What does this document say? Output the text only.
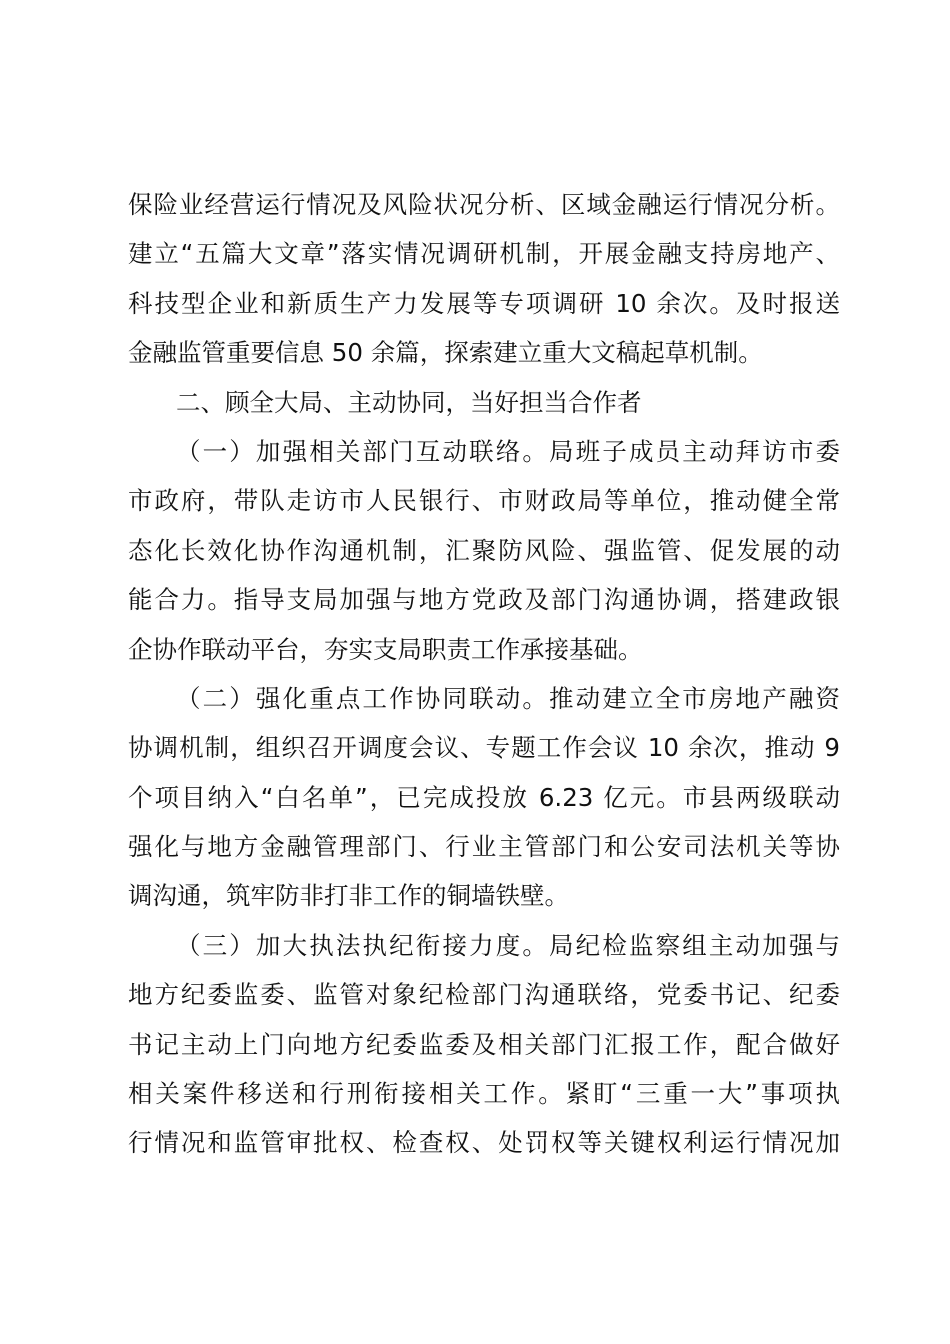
保险业经营运行情况及风险状况分析、区域金融运行情况分析。
建立“五篇大文章”落实情况调研机制，开展金融支持房地产、
科技型企业和新质生产力发展等专项调研 10 余次。及时报送
金融监管重要信息 50 余篇，探索建立重大文稿起草机制。
二、顾全大局、主动协同，当好担当合作者
（一）加强相关部门互动联络。局班子成员主动拜访市委
市政府，带队走访市人民银行、市财政局等单位，推动健全常
态化长效化协作沟通机制，汇聚防风险、强监管、促发展的动
能合力。指导支局加强与地方党政及部门沟通协调，搭建政银
企协作联动平台，夯实支局职责工作承接基础。
（二）强化重点工作协同联动。推动建立全市房地产融资
协调机制，组织召开调度会议、专题工作会议 10 余次，推动 9
个项目纳入“白名单”，已完成投放 6.23 亿元。市县两级联动
强化与地方金融管理部门、行业主管部门和公安司法机关等协
调沟通，筑牢防非打非工作的铜墙铁壁。
（三）加大执法执纪衔接力度。局纪检监察组主动加强与
地方纪委监委、监管对象纪检部门沟通联络，党委书记、纪委
书记主动上门向地方纪委监委及相关部门汇报工作，配合做好
相关案件移送和行刑衔接相关工作。紧盯“三重一大”事项执
行情况和监管审批权、检查权、处罚权等关键权利运行情况加
